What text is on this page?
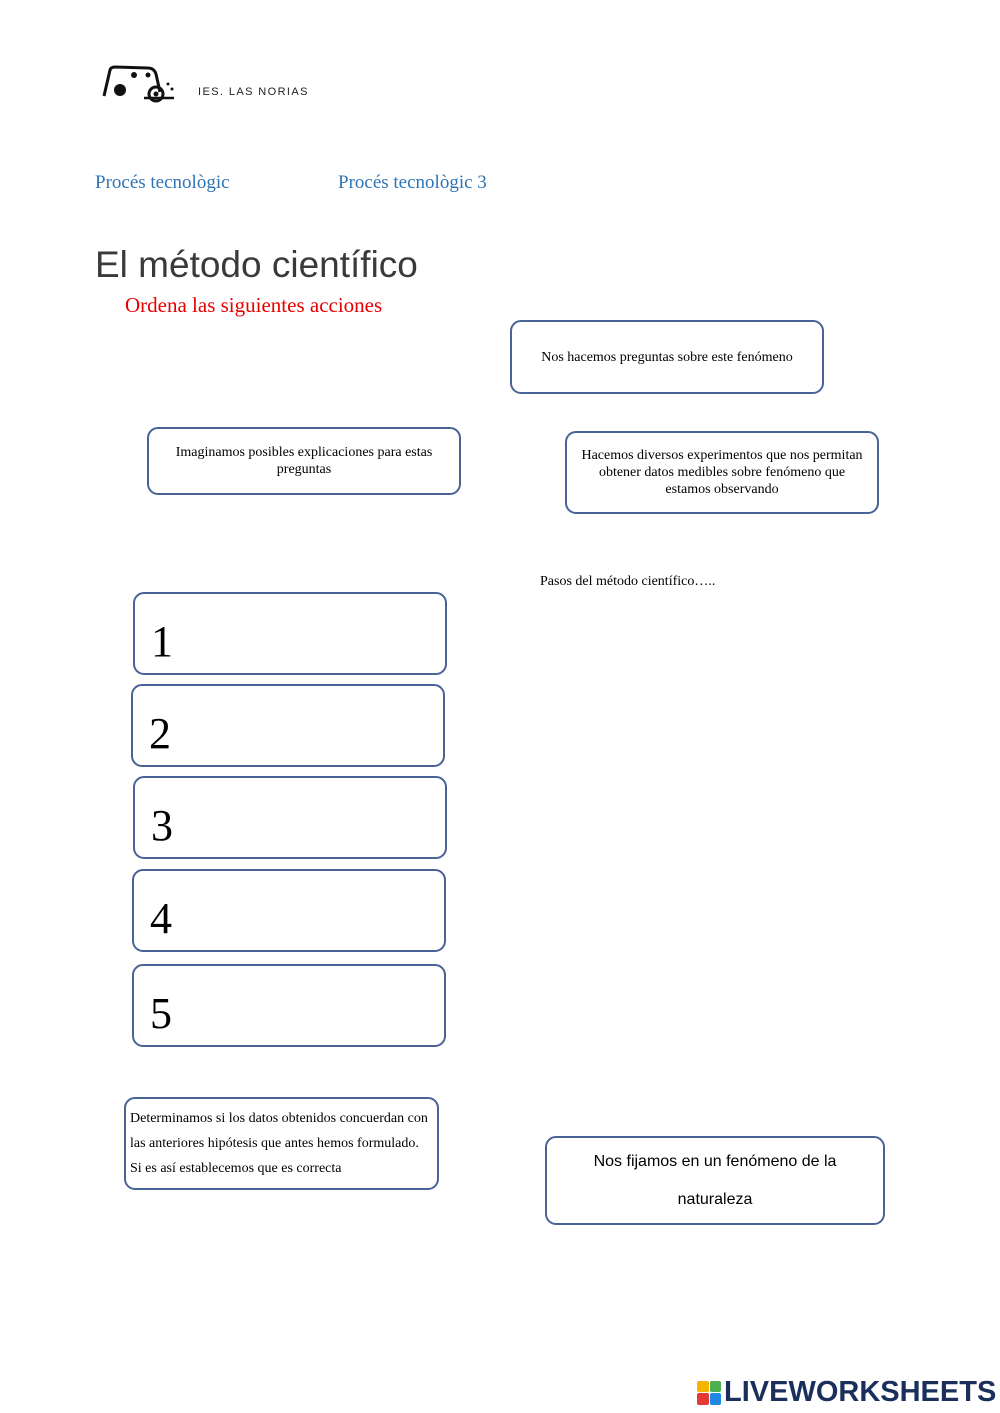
IES. LAS NORIAS
Procés tecnològic	Procés tecnològic 3
El método científico
Ordena las siguientes acciones
Nos hacemos preguntas sobre este fenómeno
Imaginamos posibles explicaciones para estas preguntas
Hacemos diversos experimentos que nos permitan obtener datos medibles sobre fenómeno que estamos observando
Pasos del método científico…..
1
2
3
4
5
Determinamos si los datos obtenidos concuerdan con las anteriores hipótesis que antes hemos formulado. Si es así establecemos que es correcta	Nos fijamos en un fenómeno de la naturaleza
LIVEWORKSHEETS
